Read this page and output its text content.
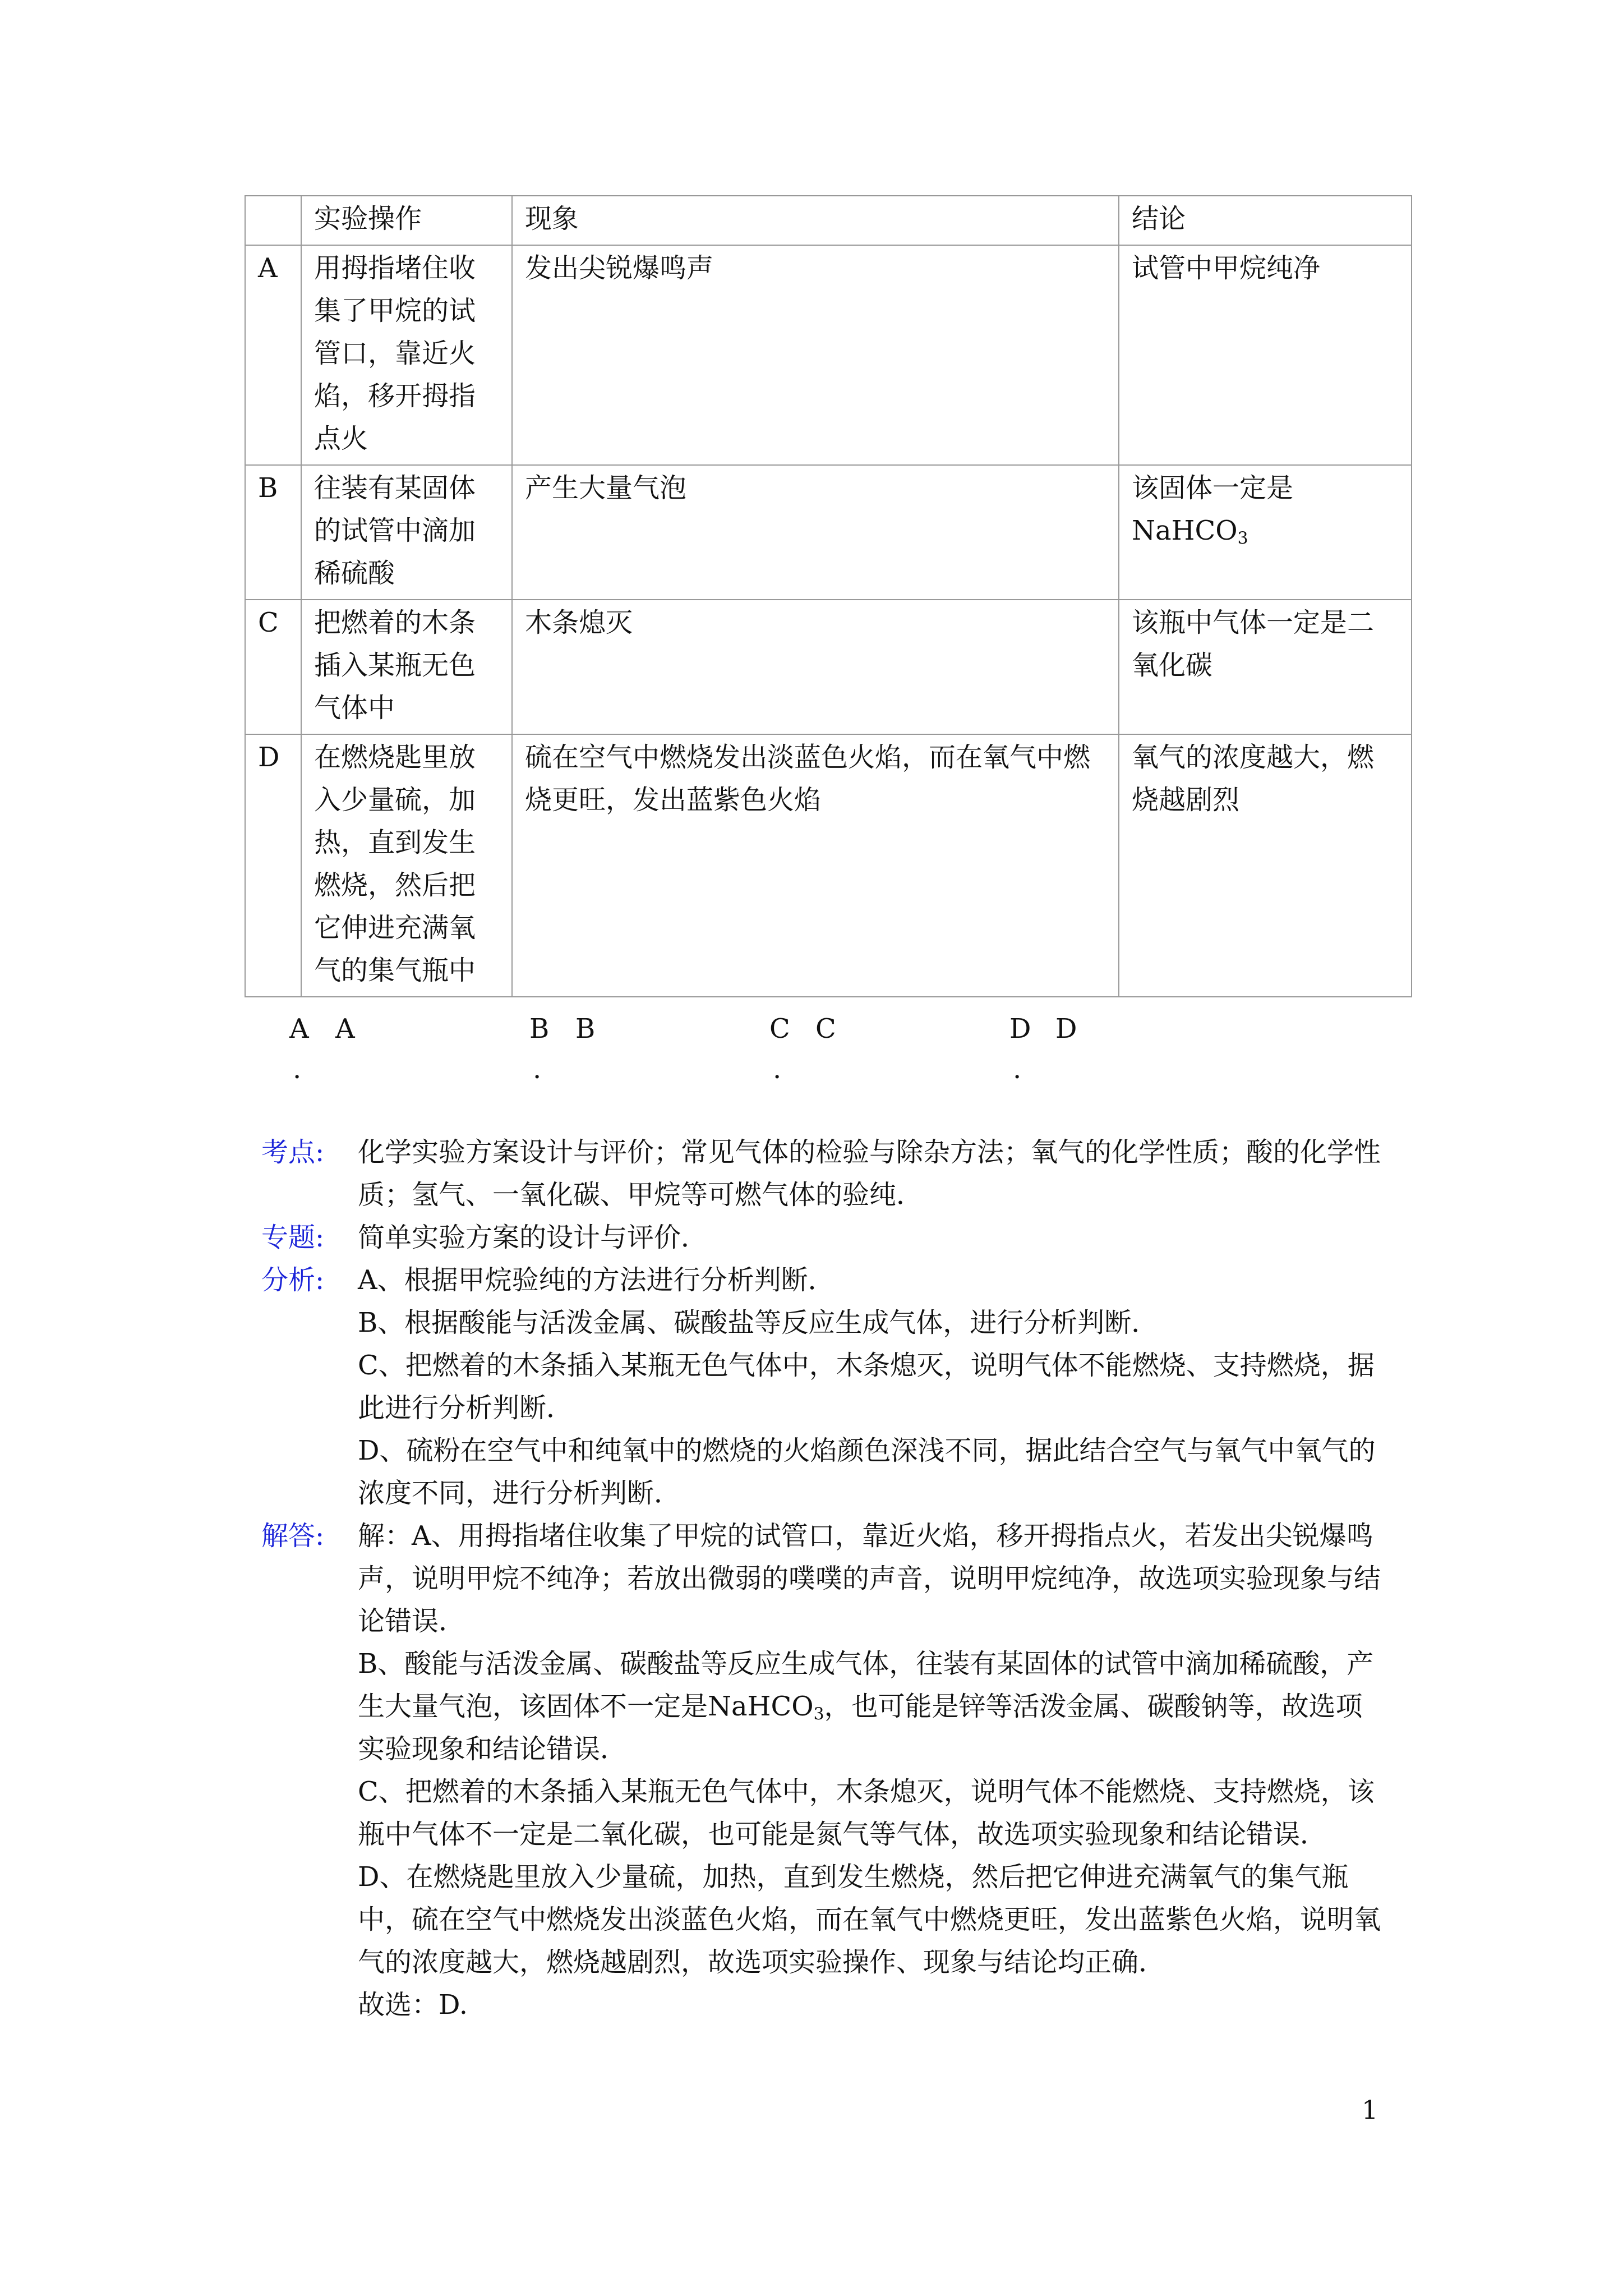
	实验操作	现象	结论
A	用拇指堵住收集了甲烷的试管口，靠近火焰，移开拇指点火	发出尖锐爆鸣声	试管中甲烷纯净
B	往装有某固体的试管中滴加稀硫酸	产生大量气泡	该固体一定是NaHCO$_3$
C	把燃着的木条插入某瓶无色气体中	木条熄灭	该瓶中气体一定是二氧化碳
D	在燃烧匙里放入少量硫，加热，直到发生燃烧，然后把它伸进充满氧气的集气瓶中	硫在空气中燃烧发出淡蓝色火焰，而在氧气中燃烧更旺，发出蓝紫色火焰	氧气的浓度越大，燃烧越剧烈
A A
.
B B
.
C C
.
D D
.
考点: 化学实验方案设计与评价；常见气体的检验与除杂方法；氧气的化学性质；酸的化学性质；氢气、一氧化碳、甲烷等可燃气体的验纯．

专题: 简单实验方案的设计与评价．

分析: A、根据甲烷验纯的方法进行分析判断．

B、根据酸能与活泼金属、碳酸盐等反应生成气体，进行分析判断．

C、把燃着的木条插入某瓶无色气体中，木条熄灭，说明气体不能燃烧、支持燃烧，据此进行分析判断．

D、硫粉在空气中和纯氧中的燃烧的火焰颜色深浅不同，据此结合空气与氧气中氧气的浓度不同，进行分析判断．

解答: 解：A、用拇指堵住收集了甲烷的试管口，靠近火焰，移开拇指点火，若发出尖锐爆鸣声，说明甲烷不纯净；若放出微弱的噗噗的声音，说明甲烷纯净，故选项实验现象与结论错误．

B、酸能与活泼金属、碳酸盐等反应生成气体，往装有某固体的试管中滴加稀硫酸，产生大量气泡，该固体不一定是NaHCO$_3$，也可能是锌等活泼金属、碳酸钠等，故选项实验现象和结论错误．

C、把燃着的木条插入某瓶无色气体中，木条熄灭，说明气体不能燃烧、支持燃烧，该瓶中气体不一定是二氧化碳，也可能是氮气等气体，故选项实验现象和结论错误．

D、在燃烧匙里放入少量硫，加热，直到发生燃烧，然后把它伸进充满氧气的集气瓶中，硫在空气中燃烧发出淡蓝色火焰，而在氧气中燃烧更旺，发出蓝紫色火焰，说明氧气的浓度越大，燃烧越剧烈，故选项实验操作、现象与结论均正确．

故选：D.

1
